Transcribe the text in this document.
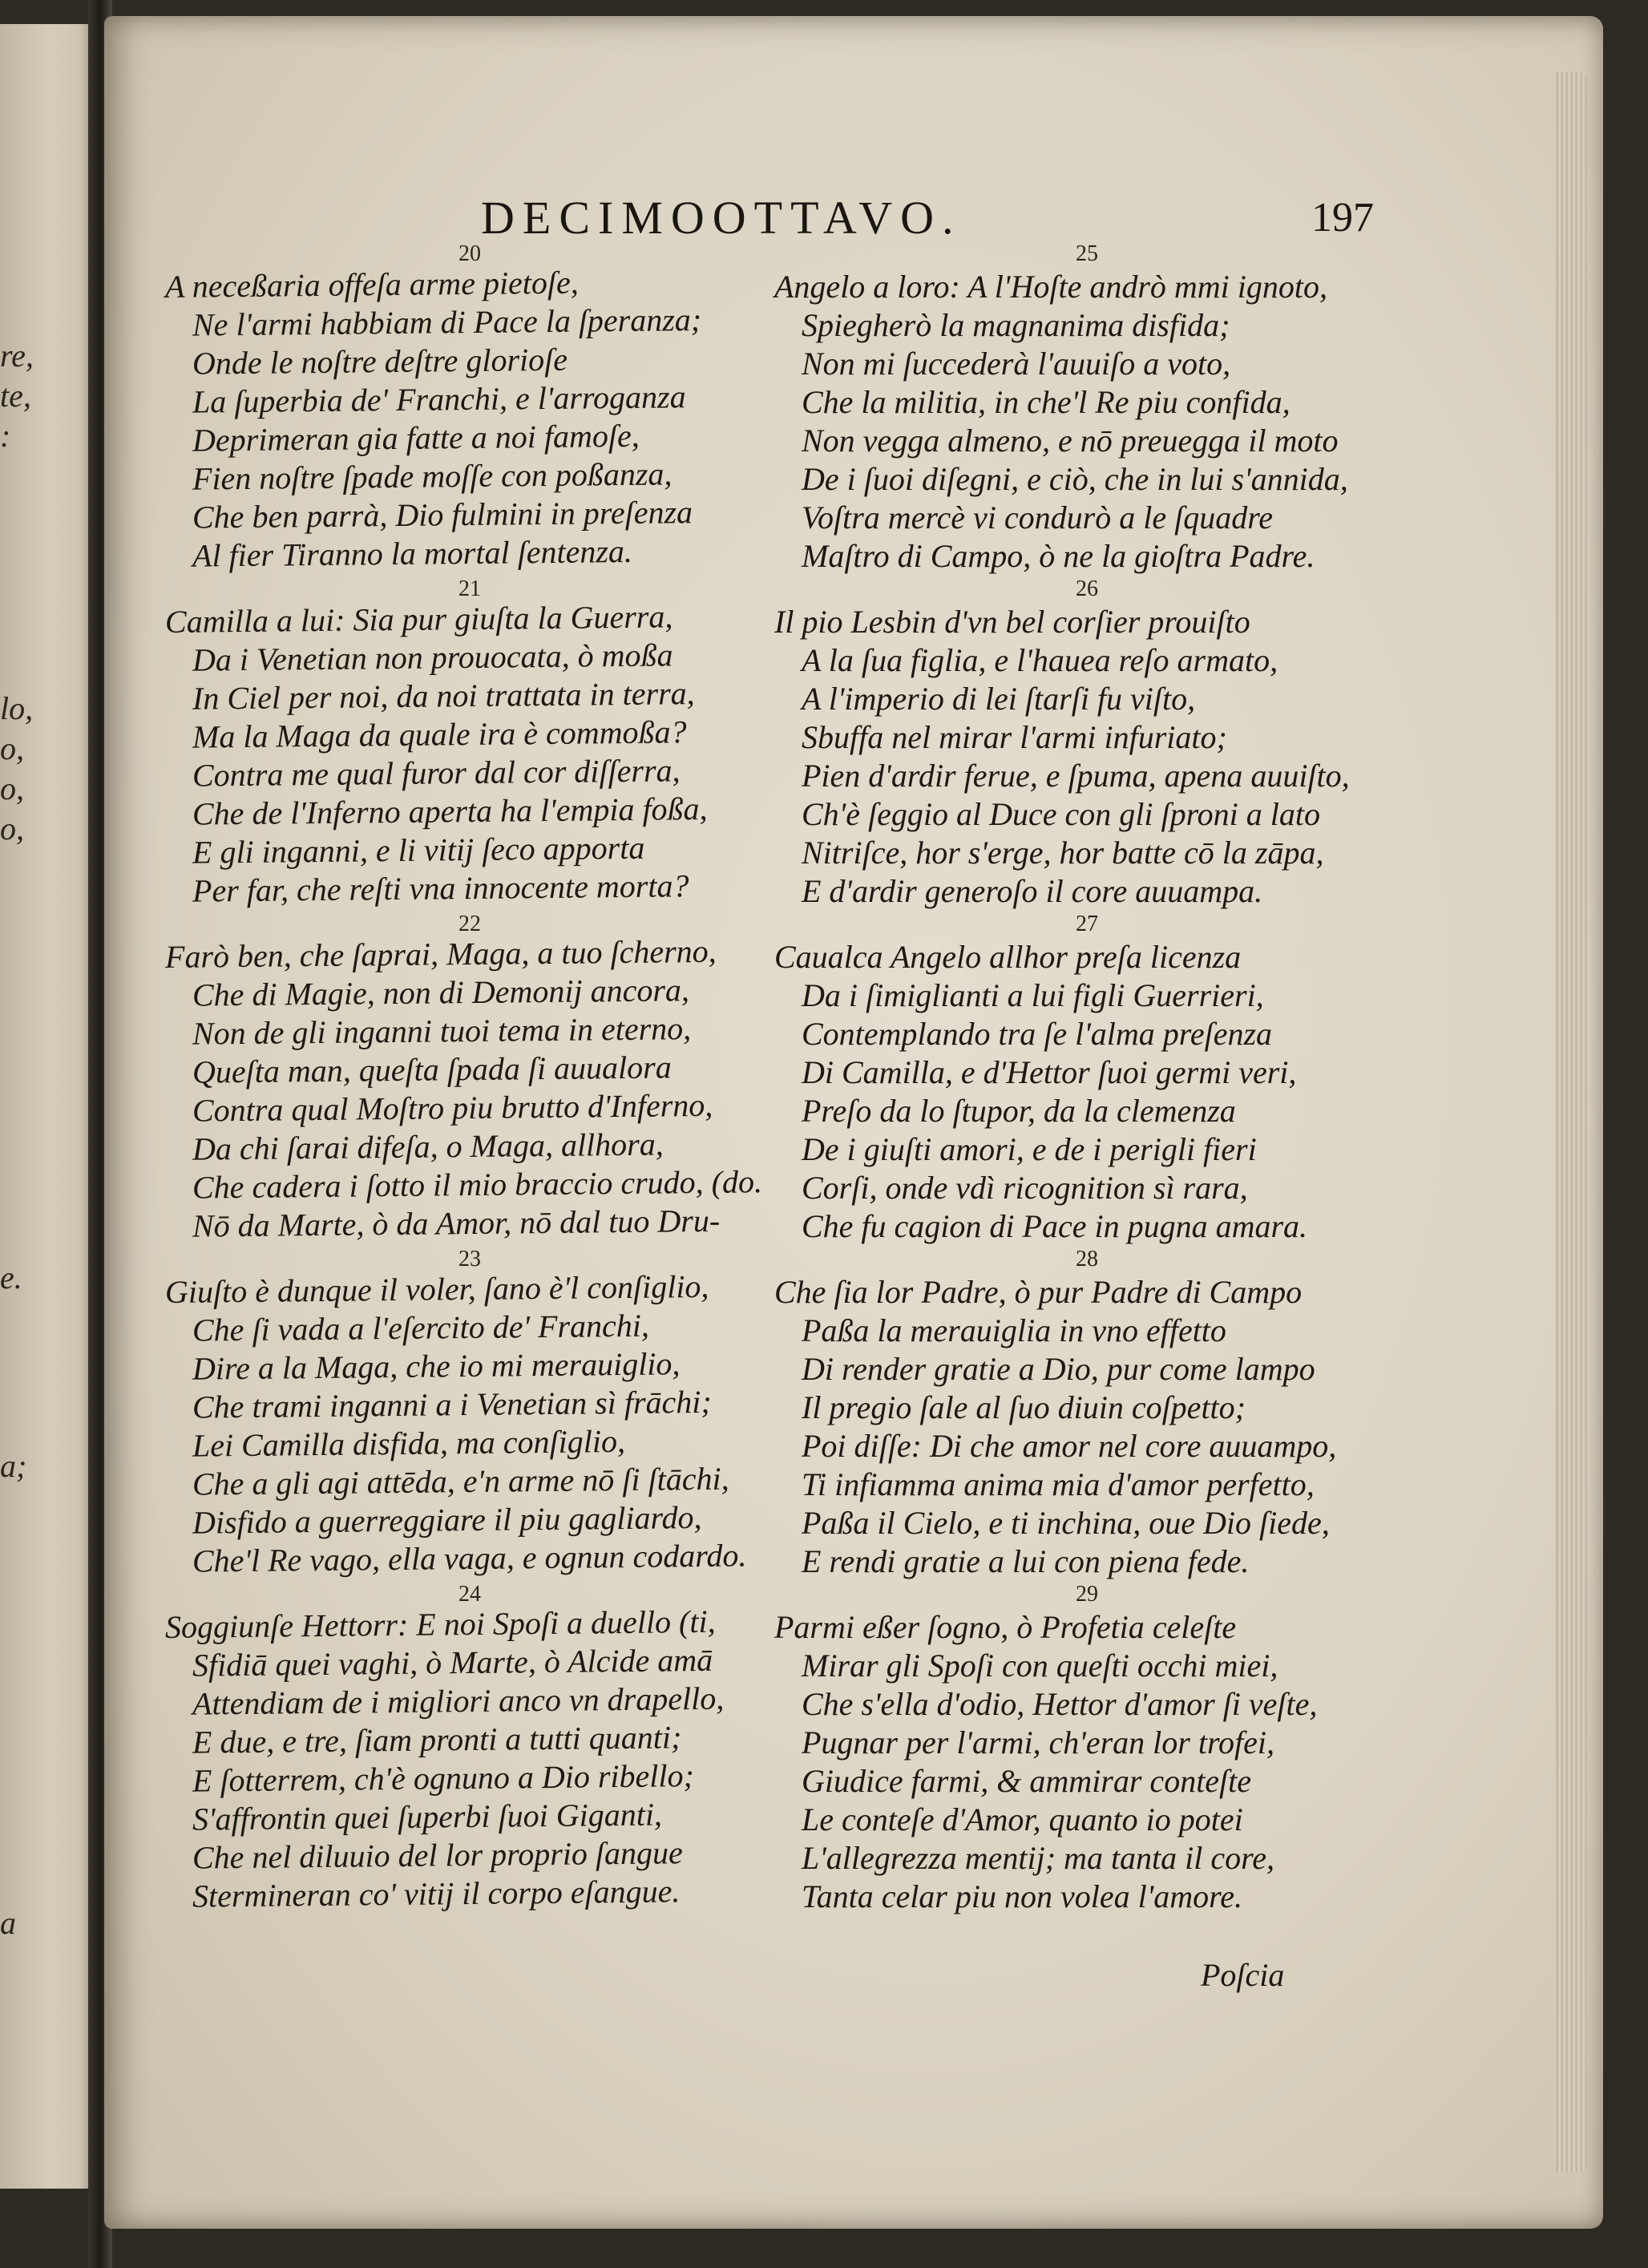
re,
te,
:
lo,
o,
o,
o,
e.
a;
a
DECIMOOTTAVO.	197
20
A neceßaria offeſa arme pietoſe,
Ne l'armi habbiam di Pace la ſperanza;
Onde le noſtre deſtre glorioſe
La ſuperbia de' Franchi, e l'arroganza
Deprimeran gia fatte a noi famoſe,
Fien noſtre ſpade moſſe con poßanza,
Che ben parrà, Dio fulmini in preſenza
Al fier Tiranno la mortal ſentenza.
21
Camilla a lui: Sia pur giuſta la Guerra,
Da i Venetian non prouocata, ò moßa
In Ciel per noi, da noi trattata in terra,
Ma la Maga da quale ira è commoßa?
Contra me qual furor dal cor diſſerra,
Che de l'Inferno aperta ha l'empia foßa,
E gli inganni, e li vitij ſeco apporta
Per far, che reſti vna innocente morta?
22
Farò ben, che ſaprai, Maga, a tuo ſcherno,
Che di Magie, non di Demonij ancora,
Non de gli inganni tuoi tema in eterno,
Queſta man, queſta ſpada ſi auualora
Contra qual Moſtro piu brutto d'Inferno,
Da chi ſarai difeſa, o Maga, allhora,
Che cadera i ſotto il mio braccio crudo, (do.
Nō da Marte, ò da Amor, nō dal tuo Dru-
23
Giuſto è dunque il voler, ſano è'l conſiglio,
Che ſi vada a l'eſercito de' Franchi,
Dire a la Maga, che io mi merauiglio,
Che trami inganni a i Venetian sì frāchi;
Lei Camilla disfida, ma conſiglio,
Che a gli agi attēda, e'n arme nō ſi ſtāchi,
Disfido a guerreggiare il piu gagliardo,
Che'l Re vago, ella vaga, e ognun codardo.
24
Soggiunſe Hettorr: E noi Spoſi a duello (ti,
Sfidiā quei vaghi, ò Marte, ò Alcide amā
Attendiam de i migliori anco vn drapello,
E due, e tre, ſiam pronti a tutti quanti;
E ſotterrem, ch'è ognuno a Dio ribello;
S'affrontin quei ſuperbi ſuoi Giganti,
Che nel diluuio del lor proprio ſangue
Stermineran co' vitij il corpo eſangue.
25
Angelo a loro: A l'Hoſte andrò mmi ignoto,
Spiegherò la magnanima disfida;
Non mi ſuccederà l'auuiſo a voto,
Che la militia, in che'l Re piu confida,
Non vegga almeno, e nō preuegga il moto
De i ſuoi diſegni, e ciò, che in lui s'annida,
Voſtra mercè vi condurò a le ſquadre
Maſtro di Campo, ò ne la gioſtra Padre.
26
Il pio Lesbin d'vn bel corſier prouiſto
A la ſua figlia, e l'hauea reſo armato,
A l'imperio di lei ſtarſi fu viſto,
Sbuffa nel mirar l'armi infuriato;
Pien d'ardir ferue, e ſpuma, apena auuiſto,
Ch'è ſeggio al Duce con gli ſproni a lato
Nitriſce, hor s'erge, hor batte cō la zāpa,
E d'ardir generoſo il core auuampa.
27
Caualca Angelo allhor preſa licenza
Da i ſimiglianti a lui figli Guerrieri,
Contemplando tra ſe l'alma preſenza
Di Camilla, e d'Hettor ſuoi germi veri,
Preſo da lo ſtupor, da la clemenza
De i giuſti amori, e de i perigli fieri
Corſi, onde vdì ricognition sì rara,
Che fu cagion di Pace in pugna amara.
28
Che ſia lor Padre, ò pur Padre di Campo
Paßa la merauiglia in vno effetto
Di render gratie a Dio, pur come lampo
Il pregio ſale al ſuo diuin coſpetto;
Poi diſſe: Di che amor nel core auuampo,
Ti infiamma anima mia d'amor perfetto,
Paßa il Cielo, e ti inchina, oue Dio ſiede,
E rendi gratie a lui con piena fede.
29
Parmi eßer ſogno, ò Profetia celeſte
Mirar gli Spoſi con queſti occhi miei,
Che s'ella d'odio, Hettor d'amor ſi veſte,
Pugnar per l'armi, ch'eran lor trofei,
Giudice farmi, & ammirar conteſte
Le conteſe d'Amor, quanto io potei
L'allegrezza mentij; ma tanta il core,
Tanta celar piu non volea l'amore.
Poſcia
